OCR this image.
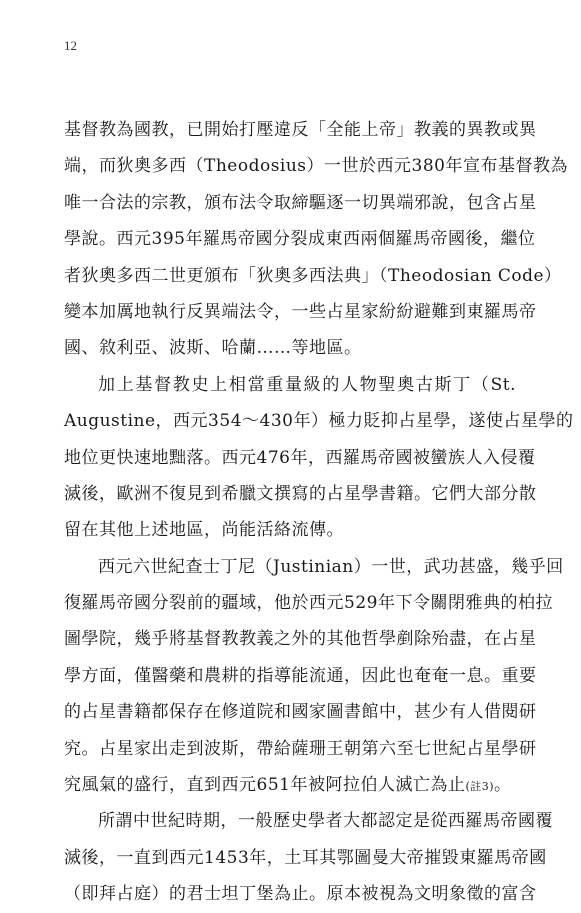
12
基督教為國教，已開始打壓違反「全能上帝」教義的異教或異
端，而狄奧多西（Theodosius）一世於西元380年宣布基督教為
唯一合法的宗教，頒布法令取締驅逐一切異端邪說，包含占星
學說。西元395年羅馬帝國分裂成東西兩個羅馬帝國後，繼位
者狄奧多西二世更頒布「狄奧多西法典」（Theodosian Code）
變本加厲地執行反異端法令，一些占星家紛紛避難到東羅馬帝
國、敘利亞、波斯、哈蘭……等地區。
加上基督教史上相當重量級的人物聖奧古斯丁（St.
Augustine，西元354～430年）極力貶抑占星學，遂使占星學的
地位更快速地黜落。西元476年，西羅馬帝國被蠻族人入侵覆
滅後，歐洲不復見到希臘文撰寫的占星學書籍。它們大部分散
留在其他上述地區，尚能活絡流傳。
西元六世紀查士丁尼（Justinian）一世，武功甚盛，幾乎回
復羅馬帝國分裂前的疆域，他於西元529年下令關閉雅典的柏拉
圖學院，幾乎將基督教教義之外的其他哲學剷除殆盡，在占星
學方面，僅醫藥和農耕的指導能流通，因此也奄奄一息。重要
的占星書籍都保存在修道院和國家圖書館中，甚少有人借閱研
究。占星家出走到波斯，帶給薩珊王朝第六至七世紀占星學研
究風氣的盛行，直到西元651年被阿拉伯人滅亡為止(註3)。
所謂中世紀時期，一般歷史學者大都認定是從西羅馬帝國覆
滅後，一直到西元1453年，土耳其鄂圖曼大帝摧毀東羅馬帝國
（即拜占庭）的君士坦丁堡為止。原本被視為文明象徵的富含
